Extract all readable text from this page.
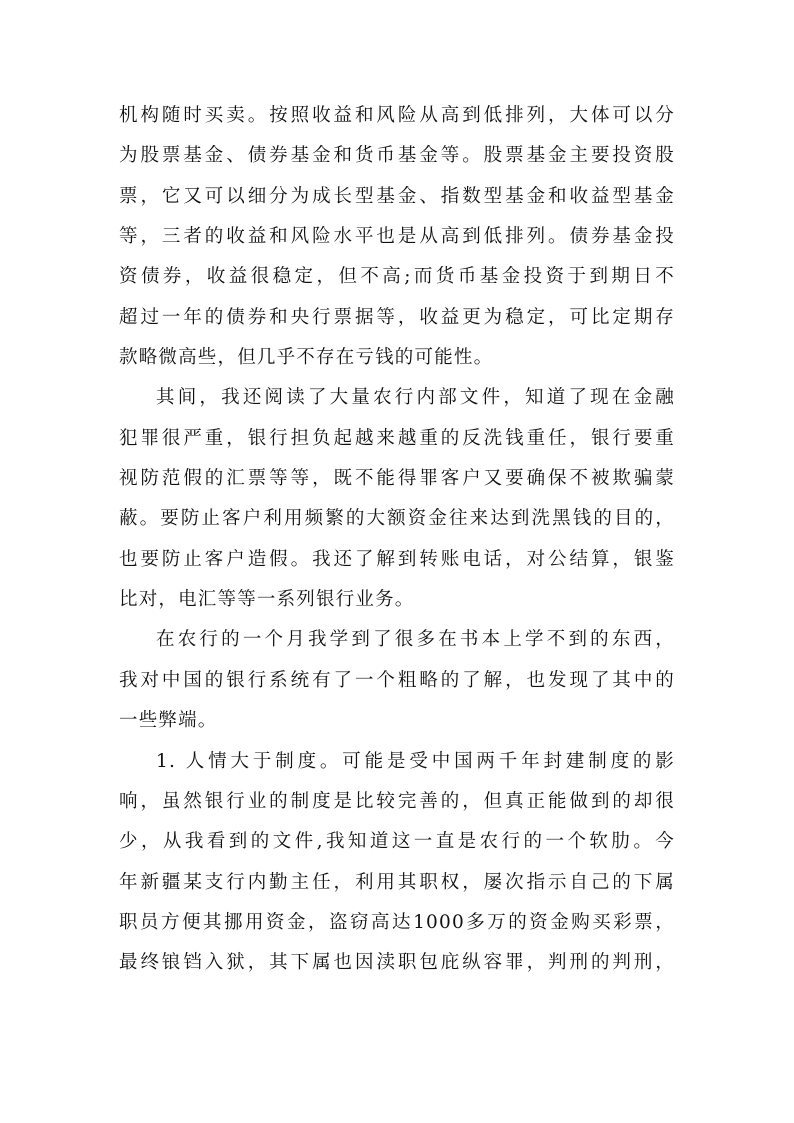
机构随时买卖。按照收益和风险从高到低排列，大体可以分
为股票基金、债券基金和货币基金等。股票基金主要投资股
票，它又可以细分为成长型基金、指数型基金和收益型基金
等，三者的收益和风险水平也是从高到低排列。债券基金投
资债券，收益很稳定，但不高;而货币基金投资于到期日不
超过一年的债券和央行票据等，收益更为稳定，可比定期存
款略微高些，但几乎不存在亏钱的可能性。
其间，我还阅读了大量农行内部文件，知道了现在金融
犯罪很严重，银行担负起越来越重的反洗钱重任，银行要重
视防范假的汇票等等，既不能得罪客户又要确保不被欺骗蒙
蔽。要防止客户利用频繁的大额资金往来达到洗黑钱的目的，
也要防止客户造假。我还了解到转账电话，对公结算，银鉴
比对，电汇等等一系列银行业务。
在农行的一个月我学到了很多在书本上学不到的东西，
我对中国的银行系统有了一个粗略的了解，也发现了其中的
一些弊端。
1. 人情大于制度。可能是受中国两千年封建制度的影
响，虽然银行业的制度是比较完善的，但真正能做到的却很
少，从我看到的文件,我知道这一直是农行的一个软肋。今
年新疆某支行内勤主任，利用其职权，屡次指示自己的下属
职员方便其挪用资金，盗窃高达1000多万的资金购买彩票，
最终锒铛入狱，其下属也因渎职包庇纵容罪，判刑的判刑，
